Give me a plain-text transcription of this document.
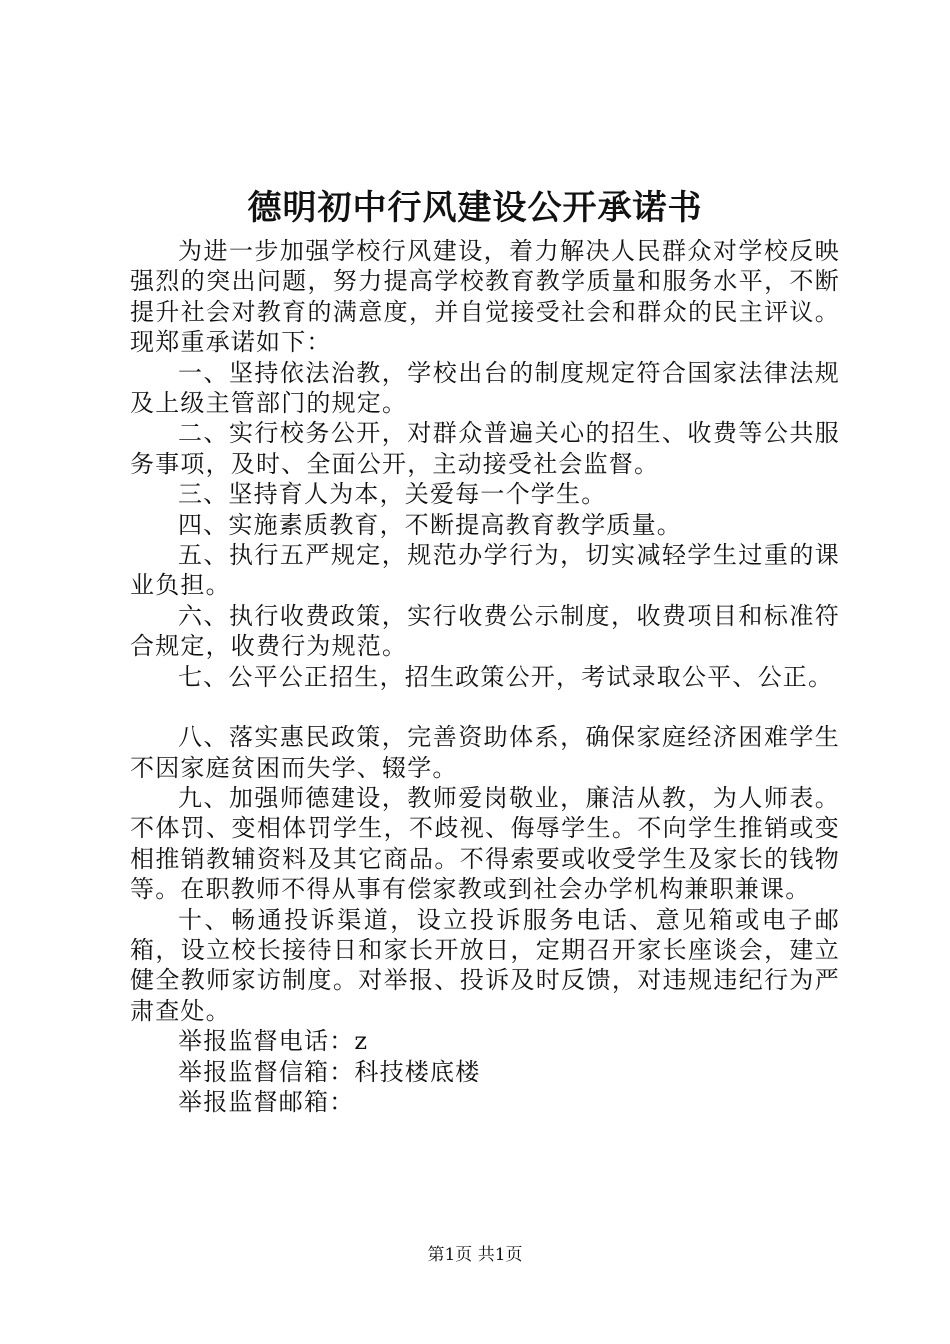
德明初中行风建设公开承诺书

为进一步加强学校行风建设，着力解决人民群众对学校反映强烈的突出问题，努力提高学校教育教学质量和服务水平，不断提升社会对教育的满意度，并自觉接受社会和群众的民主评议。现郑重承诺如下：

一、坚持依法治教，学校出台的制度规定符合国家法律法规及上级主管部门的规定。

二、实行校务公开，对群众普遍关心的招生、收费等公共服务事项，及时、全面公开，主动接受社会监督。

三、坚持育人为本，关爱每一个学生。

四、实施素质教育，不断提高教育教学质量。

五、执行五严规定，规范办学行为，切实减轻学生过重的课业负担。

六、执行收费政策，实行收费公示制度，收费项目和标准符合规定，收费行为规范。

七、公平公正招生，招生政策公开，考试录取公平、公正。

八、落实惠民政策，完善资助体系，确保家庭经济困难学生不因家庭贫困而失学、辍学。

九、加强师德建设，教师爱岗敬业，廉洁从教，为人师表。不体罚、变相体罚学生，不歧视、侮辱学生。不向学生推销或变相推销教辅资料及其它商品。不得索要或收受学生及家长的钱物等。在职教师不得从事有偿家教或到社会办学机构兼职兼课。

十、畅通投诉渠道，设立投诉服务电话、意见箱或电子邮箱，设立校长接待日和家长开放日，定期召开家长座谈会，建立健全教师家访制度。对举报、投诉及时反馈，对违规违纪行为严肃查处。

举报监督电话：z

举报监督信箱：科技楼底楼

举报监督邮箱：

第1页 共1页
